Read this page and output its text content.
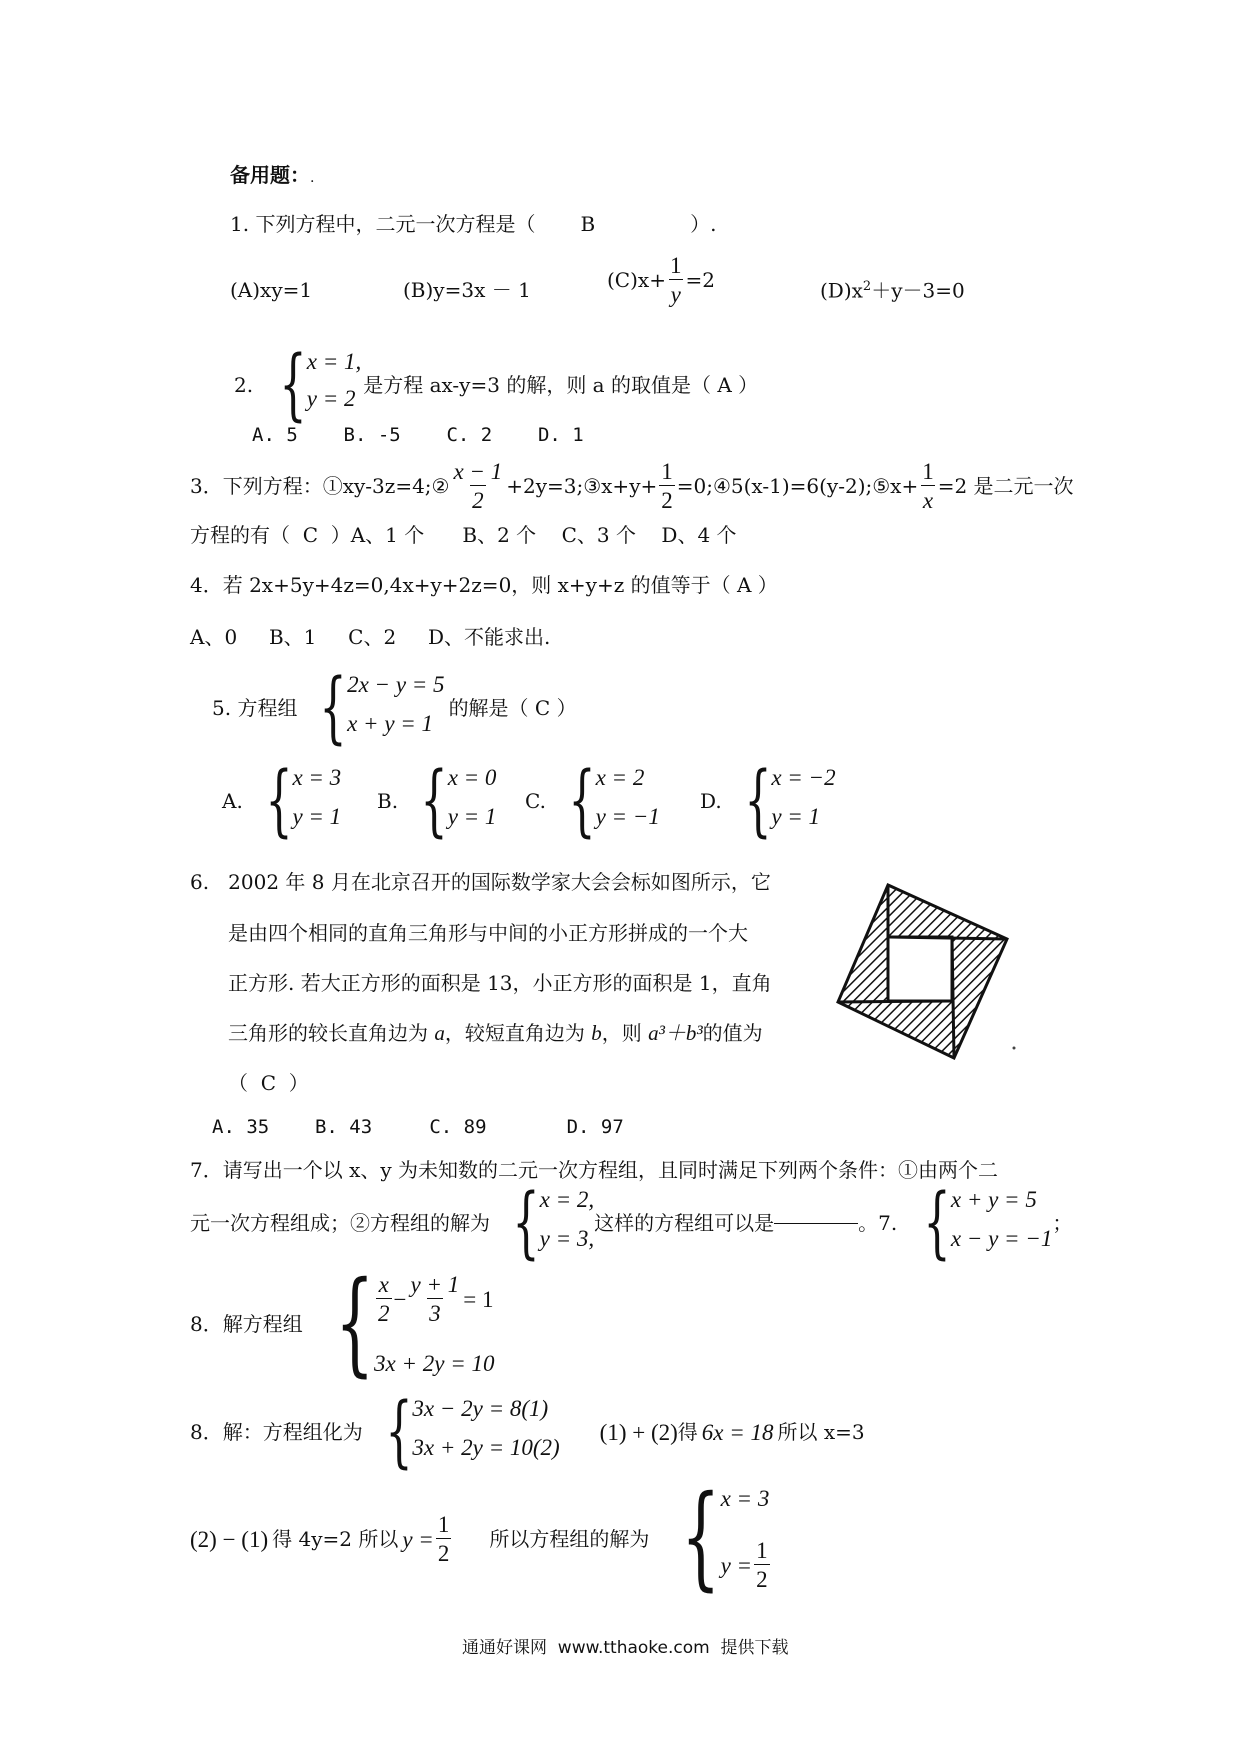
备用题：.
1. 下列方程中，二元一次方程是（ B	）.
(A)xy=1	(B)y=3x － 1	$(C)x+ \frac{1}{y} =2$	$(D)x^2+y-3=0$
2. { x = 1,
y = 2
是方程 ax-y=3 的解，则 a 的取值是（ A ）
A. 5    B. -5    C. 2    D. 1
3．下列方程：①xy-3z=4;② $\frac{x - 1}{2}$ +2y=3;③x+y+ $\frac{1}{2}$ =0;④5(x-1)=6(y-2);⑤x+ $\frac{1}{x} =2$ 是二元一次
方程的有（  C  ）A、1 个      B、2 个    C、3 个    D、4 个
4．若 2x+5y+4z=0,4x+y+2z=0，则 x+y+z 的值等于（ A ）
A、0     B、1     C、2     D、不能求出.
5. 方程组 { 2x − y = 5
x + y = 1
的解是（ C ）
A. { x = 3
y = 1
B. { x = 0
y = 1
C. { x = 2
y = −1
D. { x = −2
y = 1
6.   2002 年 8 月在北京召开的国际数学家大会会标如图所示，它
是由四个相同的直角三角形与中间的小正方形拼成的一个大
正方形. 若大正方形的面积是 13，小正方形的面积是 1，直角
三角形的较长直角边为 a，较短直角边为 b，则 a³＋b³的值为
（  C  ）
A. 35    B. 43     C. 89       D. 97
7．请写出一个以 x、y 为未知数的二元一次方程组，且同时满足下列两个条件：①由两个二
元一次方程组成；②方程组的解为 { x = 2,
y = 3,
这样的方程组可以是	。7. { x + y = 5
x − y = −1
；
8．解方程组 { $\frac{x}{2} - \frac{y + 1}{3} = 1$
3x + 2y = 10
8．解：方程组化为 { 3x − 2y = 8(1)
3x + 2y = 10(2)
(1) + (2) 得 6x = 18 所以 x=3
(2) − (1) 得 4y=2 所以 $y = \frac{1}{2}$ 所以方程组的解为 { x = 3
$y = \frac{1}{2}$
通通好课网  www.tthaoke.com  提供下载
